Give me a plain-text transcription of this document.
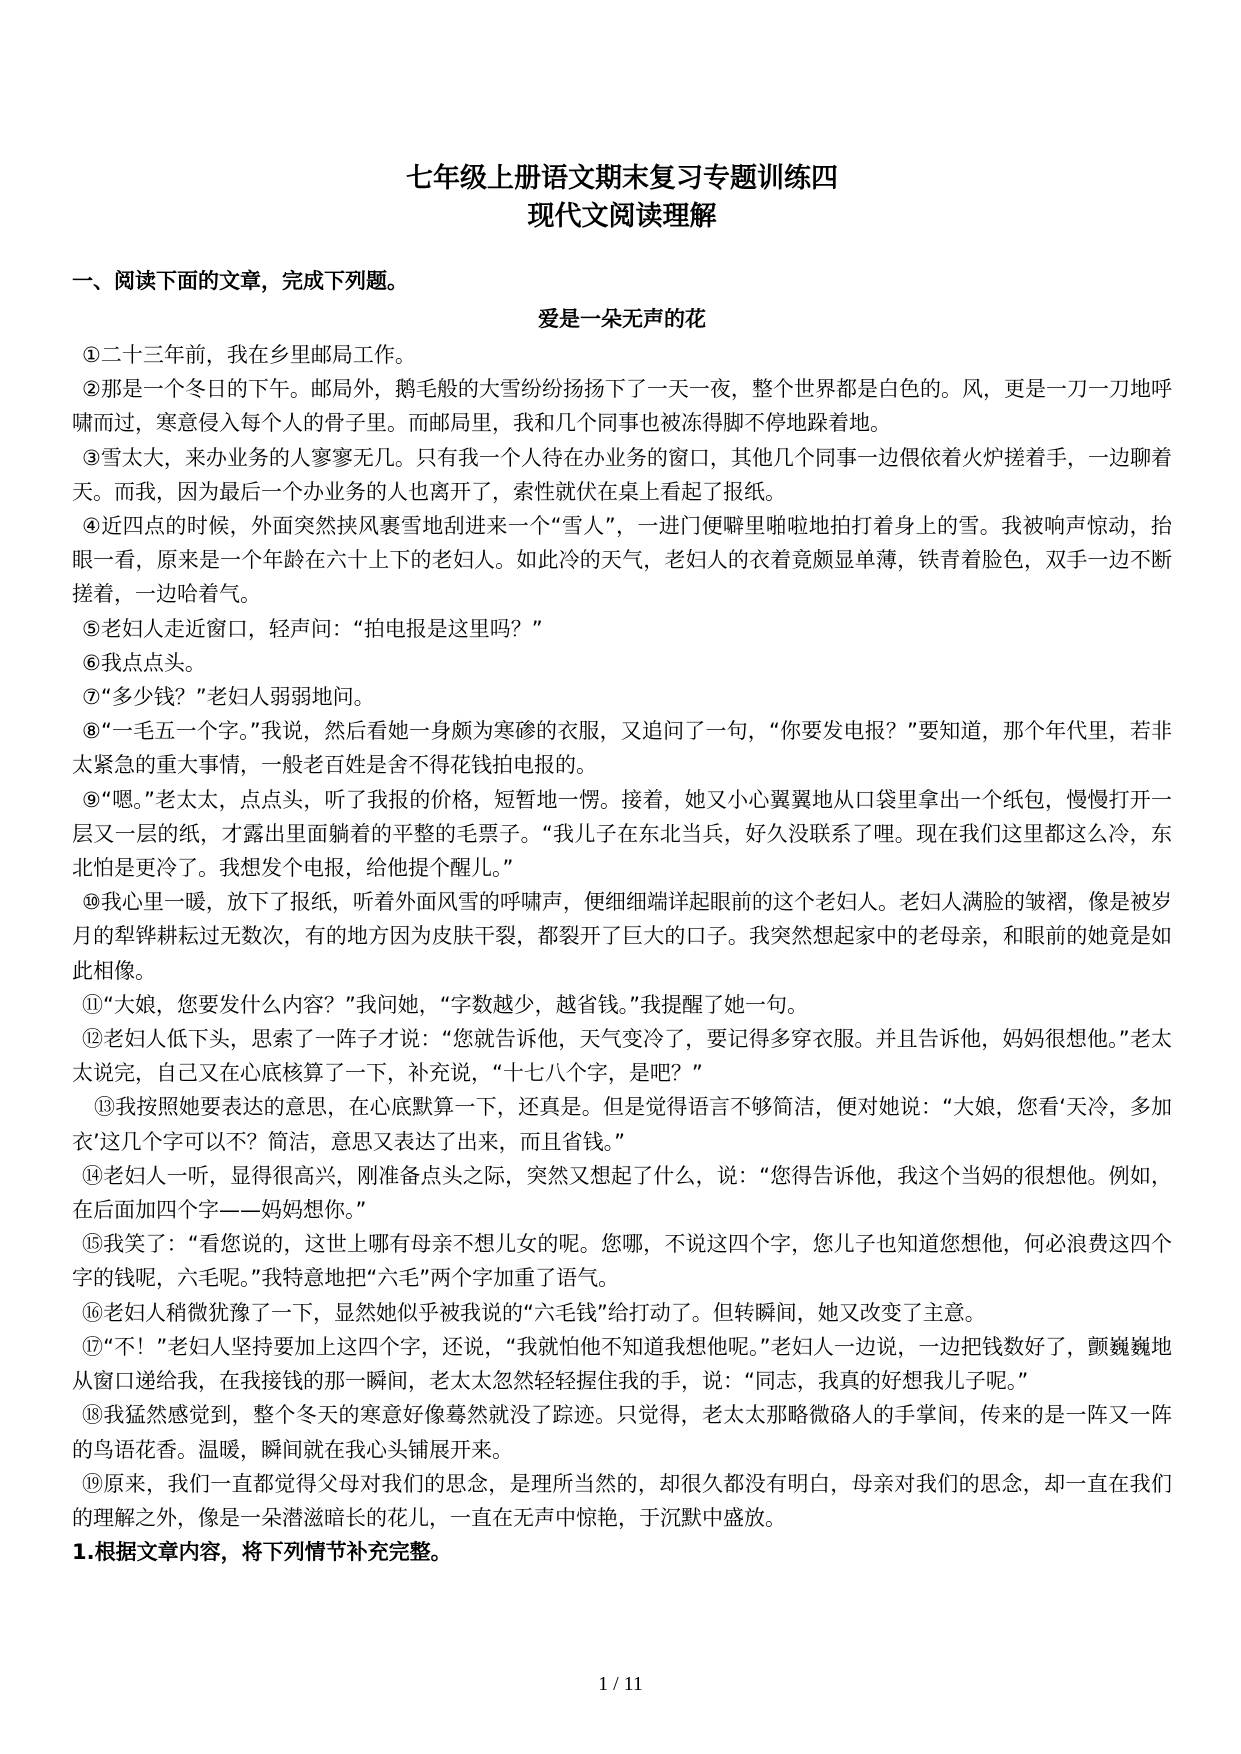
七年级上册语文期末复习专题训练四
现代文阅读理解
一、阅读下面的文章，完成下列题。
爱是一朵无声的花

①二十三年前，我在乡里邮局工作。

②那是一个冬日的下午。邮局外，鹅毛般的大雪纷纷扬扬下了一天一夜，整个世界都是白色的。风，更是一刀一刀地呼啸而过，寒意侵入每个人的骨子里。而邮局里，我和几个同事也被冻得脚不停地跺着地。

③雪太大，来办业务的人寥寥无几。只有我一个人待在办业务的窗口，其他几个同事一边偎依着火炉搓着手，一边聊着天。而我，因为最后一个办业务的人也离开了，索性就伏在桌上看起了报纸。

④近四点的时候，外面突然挟风裹雪地刮进来一个“雪人”，一进门便噼里啪啦地拍打着身上的雪。我被响声惊动，抬眼一看，原来是一个年龄在六十上下的老妇人。如此冷的天气，老妇人的衣着竟颇显单薄，铁青着脸色，双手一边不断搓着，一边哈着气。

⑤老妇人走近窗口，轻声问：“拍电报是这里吗？”

⑥我点点头。

⑦“多少钱？”老妇人弱弱地问。

⑧“一毛五一个字。”我说，然后看她一身颇为寒碜的衣服，又追问了一句，“你要发电报？”要知道，那个年代里，若非太紧急的重大事情，一般老百姓是舍不得花钱拍电报的。

⑨“嗯。”老太太，点点头，听了我报的价格，短暂地一愣。接着，她又小心翼翼地从口袋里拿出一个纸包，慢慢打开一层又一层的纸，才露出里面躺着的平整的毛票子。“我儿子在东北当兵，好久没联系了哩。现在我们这里都这么冷，东北怕是更冷了。我想发个电报，给他提个醒儿。”

⑩我心里一暖，放下了报纸，听着外面风雪的呼啸声，便细细端详起眼前的这个老妇人。老妇人满脸的皱褶，像是被岁月的犁铧耕耘过无数次，有的地方因为皮肤干裂，都裂开了巨大的口子。我突然想起家中的老母亲，和眼前的她竟是如此相像。

⑪“大娘，您要发什么内容？”我问她，“字数越少，越省钱。”我提醒了她一句。

⑫老妇人低下头，思索了一阵子才说：“您就告诉他，天气变冷了，要记得多穿衣服。并且告诉他，妈妈很想他。”老太太说完，自己又在心底核算了一下，补充说，“十七八个字，是吧？”

⑬我按照她要表达的意思，在心底默算一下，还真是。但是觉得语言不够简洁，便对她说：“大娘，您看‘天冷，多加衣’这几个字可以不？简洁，意思又表达了出来，而且省钱。”

⑭老妇人一听，显得很高兴，刚准备点头之际，突然又想起了什么，说：“您得告诉他，我这个当妈的很想他。例如，在后面加四个字——妈妈想你。”

⑮我笑了：“看您说的，这世上哪有母亲不想儿女的呢。您哪，不说这四个字，您儿子也知道您想他，何必浪费这四个字的钱呢，六毛呢。”我特意地把“六毛”两个字加重了语气。

⑯老妇人稍微犹豫了一下，显然她似乎被我说的“六毛钱”给打动了。但转瞬间，她又改变了主意。

⑰“不！”老妇人坚持要加上这四个字，还说，“我就怕他不知道我想他呢。”老妇人一边说，一边把钱数好了，颤巍巍地从窗口递给我，在我接钱的那一瞬间，老太太忽然轻轻握住我的手，说：“同志，我真的好想我儿子呢。”

⑱我猛然感觉到，整个冬天的寒意好像蓦然就没了踪迹。只觉得，老太太那略微硌人的手掌间，传来的是一阵又一阵的鸟语花香。温暖，瞬间就在我心头铺展开来。

⑲原来，我们一直都觉得父母对我们的思念，是理所当然的，却很久都没有明白，母亲对我们的思念，却一直在我们的理解之外，像是一朵潜滋暗长的花儿，一直在无声中惊艳，于沉默中盛放。

1.根据文章内容，将下列情节补充完整。
1 / 11
